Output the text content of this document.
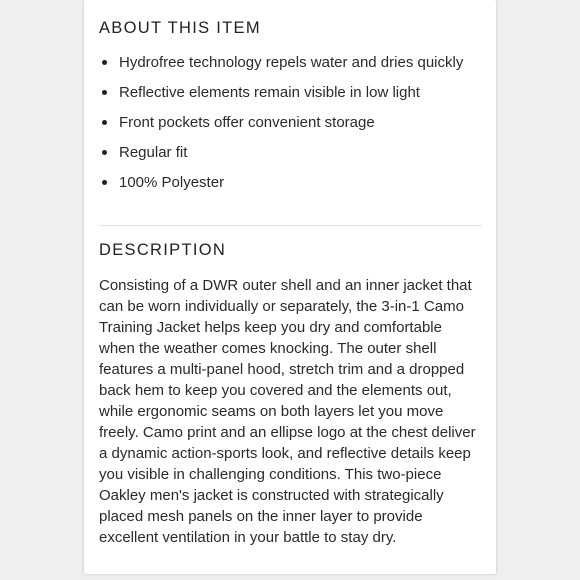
ABOUT THIS ITEM
Hydrofree technology repels water and dries quickly
Reflective elements remain visible in low light
Front pockets offer convenient storage
Regular fit
100% Polyester
DESCRIPTION

Consisting of a DWR outer shell and an inner jacket that can be worn individually or separately, the 3-in-1 Camo Training Jacket helps keep you dry and comfortable when the weather comes knocking. The outer shell features a multi-panel hood, stretch trim and a dropped back hem to keep you covered and the elements out, while ergonomic seams on both layers let you move freely. Camo print and an ellipse logo at the chest deliver a dynamic action-sports look, and reflective details keep you visible in challenging conditions. This two-piece Oakley men's jacket is constructed with strategically placed mesh panels on the inner layer to provide excellent ventilation in your battle to stay dry.
